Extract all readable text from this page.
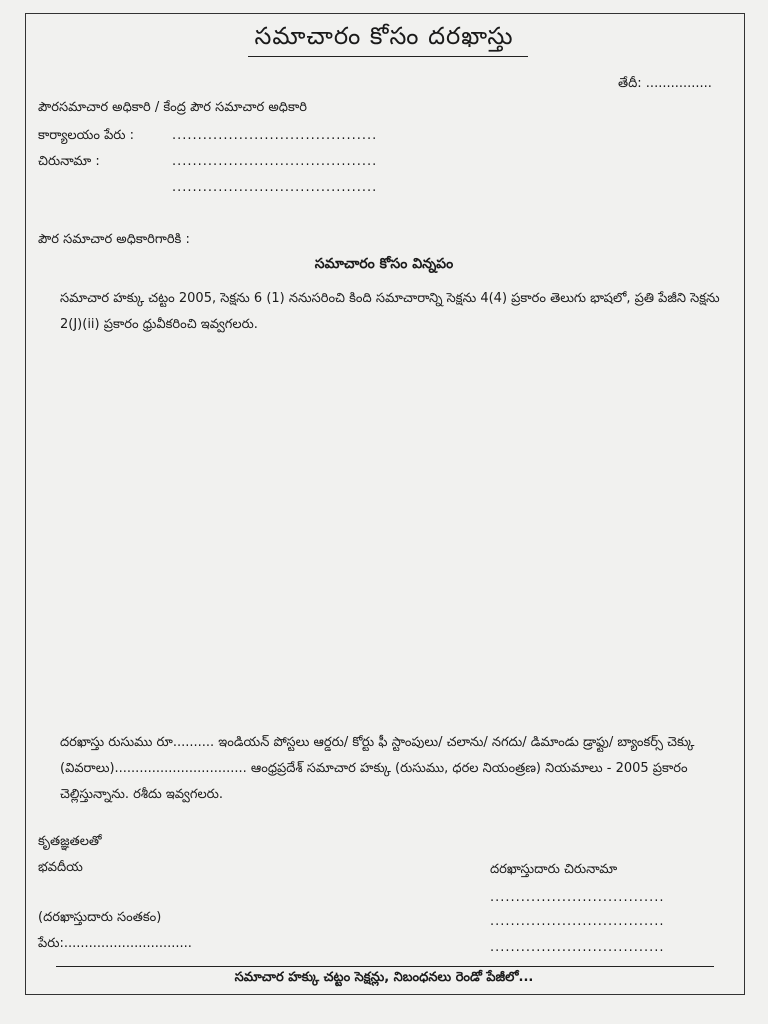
సమాచారం కోసం దరఖాస్తు
తేదీ: ................
పౌరసమాచార అధికారి / కేంద్ర పౌర సమాచార అధికారి
కార్యాలయం పేరు :	........................................
చిరునామా :	........................................
........................................
పౌర సమాచార అధికారిగారికి :
సమాచారం కోసం విన్నపం
సమాచార హక్కు చట్టం 2005, సెక్షను 6 (1) ననుసరించి కింది సమాచారాన్ని సెక్షను 4(4) ప్రకారం తెలుగు భాషలో, ప్రతి పేజీని సెక్షను 2(J)(ii) ప్రకారం ధ్రువీకరించి ఇవ్వగలరు.
దరఖాస్తు రుసుము రూ.......... ఇండియన్ పోస్టలు ఆర్డరు/ కోర్టు ఫీ స్టాంపులు/ చలాను/ నగదు/ డిమాండు డ్రాఫ్టు/ బ్యాంకర్స్ చెక్కు (వివరాలు)................................ ఆంధ్రప్రదేశ్ సమాచార హక్కు (రుసుము, ధరల నియంత్రణ) నియమాలు - 2005 ప్రకారం చెల్లిస్తున్నాను. రశీదు ఇవ్వగలరు.
కృతజ్ఞతలతో
భవదీయ	దరఖాస్తుదారు చిరునామా
..................................
..................................
..................................
(దరఖాస్తుదారు సంతకం)
పేరు:...............................
సమాచార హక్కు చట్టం సెక్షన్లు, నిబంధనలు రెండో పేజీలో...
